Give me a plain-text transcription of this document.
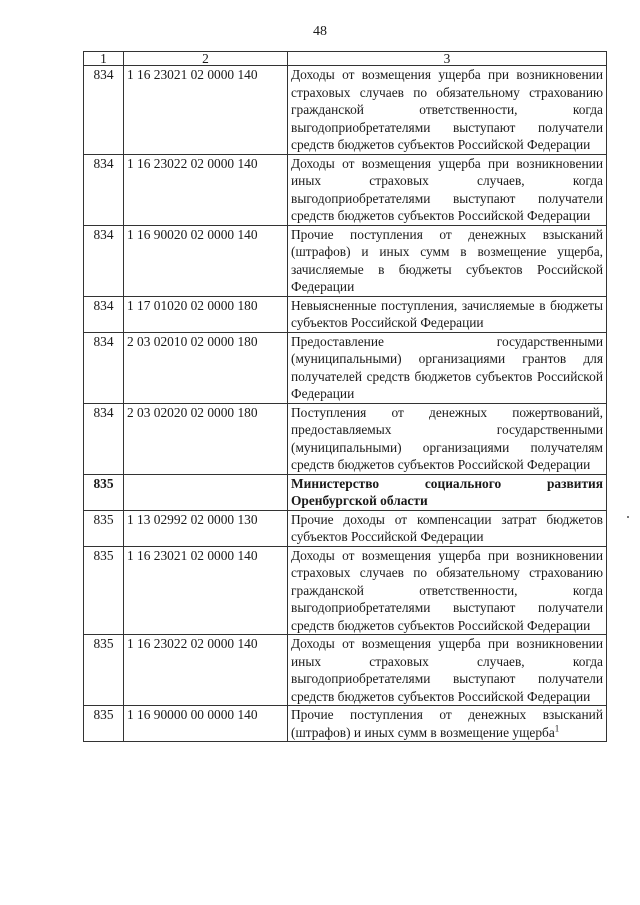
48
1	2	3
834	1 16 23021 02 0000 140	Доходы от возмещения ущерба при возникновении страховых случаев по обязательному страхованию гражданской ответственности, когда выгодоприобретателями выступают получатели средств бюджетов субъектов Российской Федерации
834	1 16 23022 02 0000 140	Доходы от возмещения ущерба при возникновении иных страховых случаев, когда выгодоприобретателями выступают получатели средств бюджетов субъектов Российской Федерации
834	1 16 90020 02 0000 140	Прочие поступления от денежных взысканий (штрафов) и иных сумм в возмещение ущерба, зачисляемые в бюджеты субъектов Российской Федерации
834	1 17 01020 02 0000 180	Невыясненные поступления, зачисляемые в бюджеты субъектов Российской Федерации
834	2 03 02010 02 0000 180	Предоставление государственными (муниципальными) организациями грантов для получателей средств бюджетов субъектов Российской Федерации
834	2 03 02020 02 0000 180	Поступления от денежных пожертвований, предоставляемых государственными (муниципальными) организациями получателям средств бюджетов субъектов Российской Федерации
835		Министерство социального развития Оренбургской области
835	1 13 02992 02 0000 130	Прочие доходы от компенсации затрат бюджетов субъектов Российской Федерации
835	1 16 23021 02 0000 140	Доходы от возмещения ущерба при возникновении страховых случаев по обязательному страхованию гражданской ответственности, когда выгодоприобретателями выступают получатели средств бюджетов субъектов Российской Федерации
835	1 16 23022 02 0000 140	Доходы от возмещения ущерба при возникновении иных страховых случаев, когда выгодоприобретателями выступают получатели средств бюджетов субъектов Российской Федерации
835	1 16 90000 00 0000 140	Прочие поступления от денежных взысканий (штрафов) и иных сумм в возмещение ущерба$^1$
